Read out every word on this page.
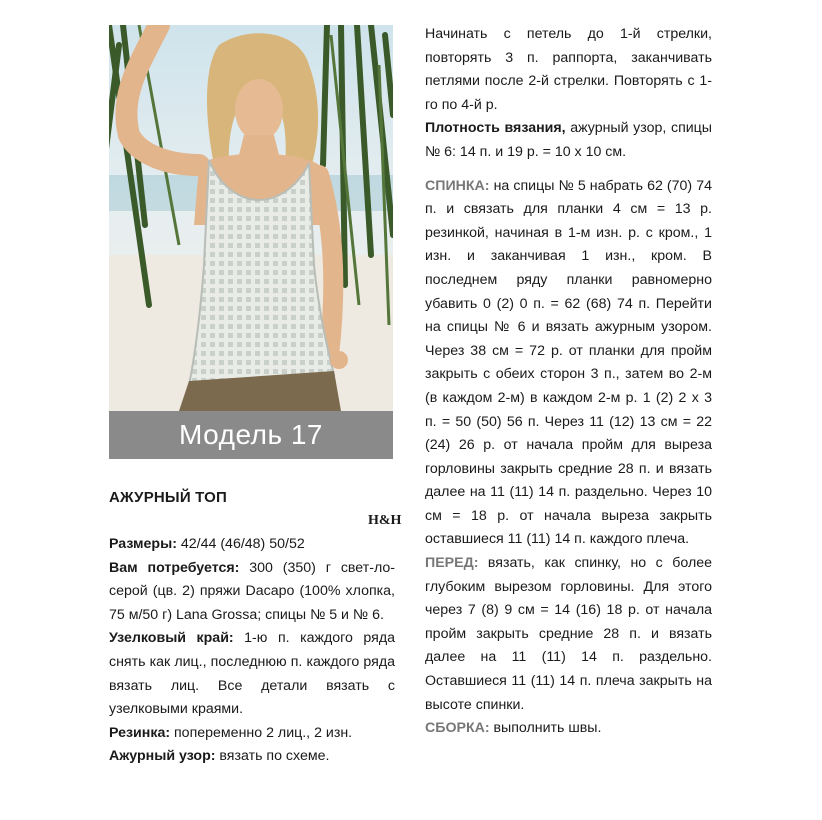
Модель 17
АЖУРНЫЙ ТОП
H&H

Размеры: 42/44 (46/48) 50/52

Вам потребуется: 300 (350) г свет-ло-серой (цв. 2) пряжи Dacapo (100% хлопка, 75 м/50 г) Lana Grossa; спицы № 5 и № 6.

Узелковый край: 1-ю п. каждого ряда снять как лиц., последнюю п. каждого ряда вязать лиц. Все детали вязать с узелковыми краями.

Резинка: попеременно 2 лиц., 2 изн.

Ажурный узор: вязать по схеме.

Начинать с петель до 1-й стрелки, повторять 3 п. раппорта, заканчивать петлями после 2-й стрелки. Повторять с 1-го по 4-й р.

Плотность вязания, ажурный узор, спицы № 6: 14 п. и 19 р. = 10 х 10 см.

СПИНКА: на спицы № 5 набрать 62 (70) 74 п. и связать для планки 4 см = 13 р. резинкой, начиная в 1-м изн. р. с кром., 1 изн. и заканчивая 1 изн., кром. В последнем ряду планки равномерно убавить 0 (2) 0 п. = 62 (68) 74 п. Перейти на спицы № 6 и вязать ажурным узором. Через 38 см = 72 р. от планки для пройм закрыть с обеих сторон 3 п., затем во 2-м (в каждом 2-м) в каждом 2-м р. 1 (2) 2 х 3 п. = 50 (50) 56 п. Через 11 (12) 13 см = 22 (24) 26 р. от начала пройм для выреза горловины закрыть средние 28 п. и вязать далее на 11 (11) 14 п. раздельно. Через 10 см = 18 р. от начала выреза закрыть оставшиеся 11 (11) 14 п. каждого плеча.

ПЕРЕД: вязать, как спинку, но с более глубоким вырезом горловины. Для этого через 7 (8) 9 см = 14 (16) 18 р. от начала пройм закрыть средние 28 п. и вязать далее на 11 (11) 14 п. раздельно. Оставшиеся 11 (11) 14 п. плеча закрыть на высоте спинки.

СБОРКА: выполнить швы.
